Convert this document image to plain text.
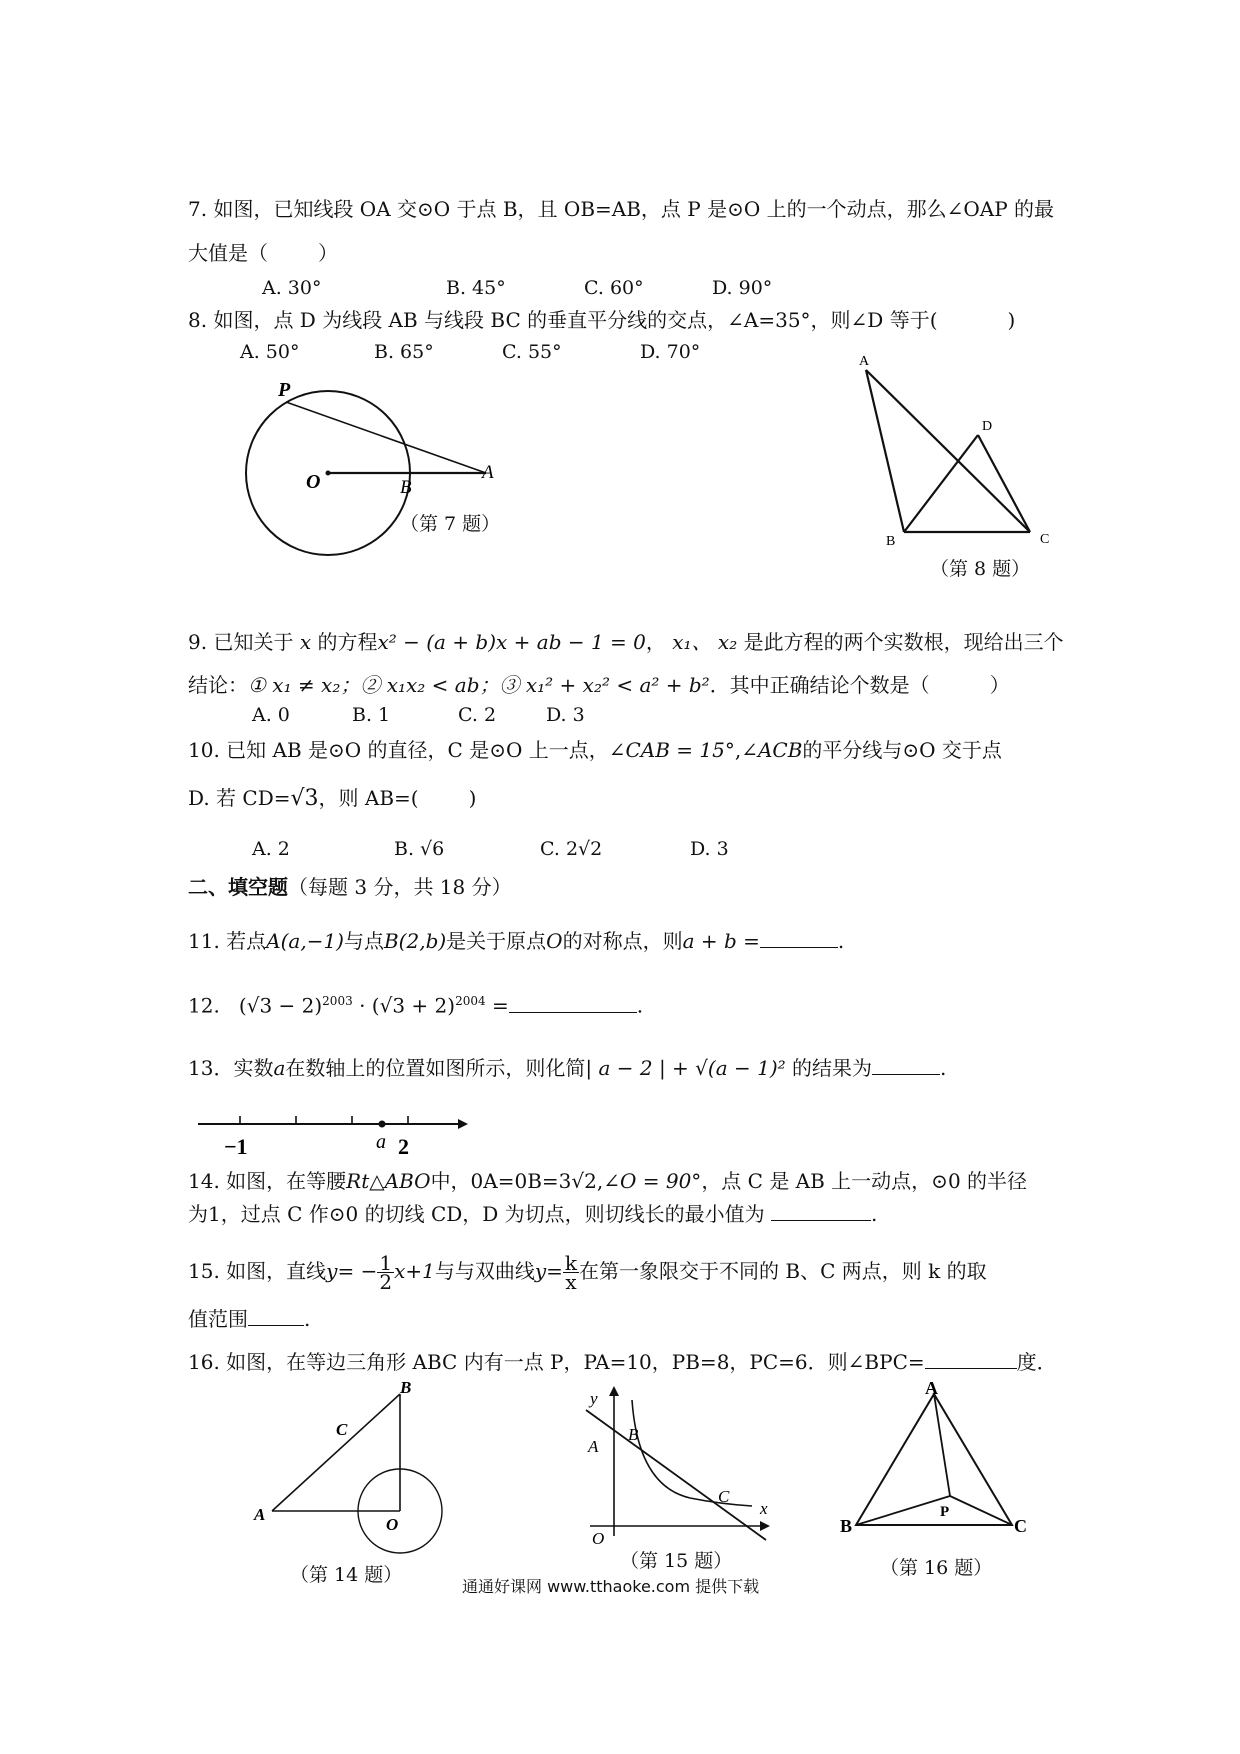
7. 如图，已知线段 OA 交⊙O 于点 B，且 OB=AB，点 P 是⊙O 上的一个动点，那么∠OAP 的最
大值是（	）
A. 30°	B. 45°	C. 60°	D. 90°
8. 如图，点 D 为线段 AB 与线段 BC 的垂直平分线的交点，∠A=35°，则∠D 等于(	)
A. 50°	B. 65°	C. 55°	D. 70°
P
O	B
A
（第 7 题）
A
D
B	C
（第 8 题）
9. 已知关于 x 的方程x² − (a + b)x + ab − 1 = 0， x₁、 x₂ 是此方程的两个实数根，现给出三个
结论：① x₁ ≠ x₂；② x₁x₂ < ab；③ x₁² + x₂² < a² + b²．其中正确结论个数是（	）
A. 0	B. 1	C. 2	D. 3
10. 已知 AB 是⊙O 的直径，C 是⊙O 上一点，∠CAB = 15°,∠ACB的平分线与⊙O 交于点
D. 若 CD=√3，则 AB=(	)
A. 2	B. √6	C. 2√2	D. 3
二、填空题（每题 3 分，共 18 分）
11. 若点A(a,−1)与点B(2,b)是关于原点O的对称点，则a + b =	.
12. $(√3 - 2)^{2003} \cdot (√3 + 2)^{2004}$ =	.
13．实数a在数轴上的位置如图所示，则化简| a − 2 | + √(a − 1)² 的结果为	.
−1	a 2
14. 如图，在等腰Rt△ABO中，0A=0B=3√2,∠O = 90°，点 C 是 AB 上一动点，⊙0 的半径
为1，过点 C 作⊙0 的切线 CD，D 为切点，则切线长的最小值为	.
15. 如图，直线$y= - \frac{1}{2} x+1$与与双曲线$y= \frac{k}{x}$ 在第一象限交于不同的 B、C 两点，则 k 的取
值范围	.
16. 如图，在等边三角形 ABC 内有一点 P，PA=10，PB=8，PC=6．则∠BPC=	度．
B
C
A
O
（第 14 题）
y
x
A
B
C
O
（第 15 题）
A
P
B	C
（第 16 题）
通通好课网 www.tthaoke.com 提供下载
